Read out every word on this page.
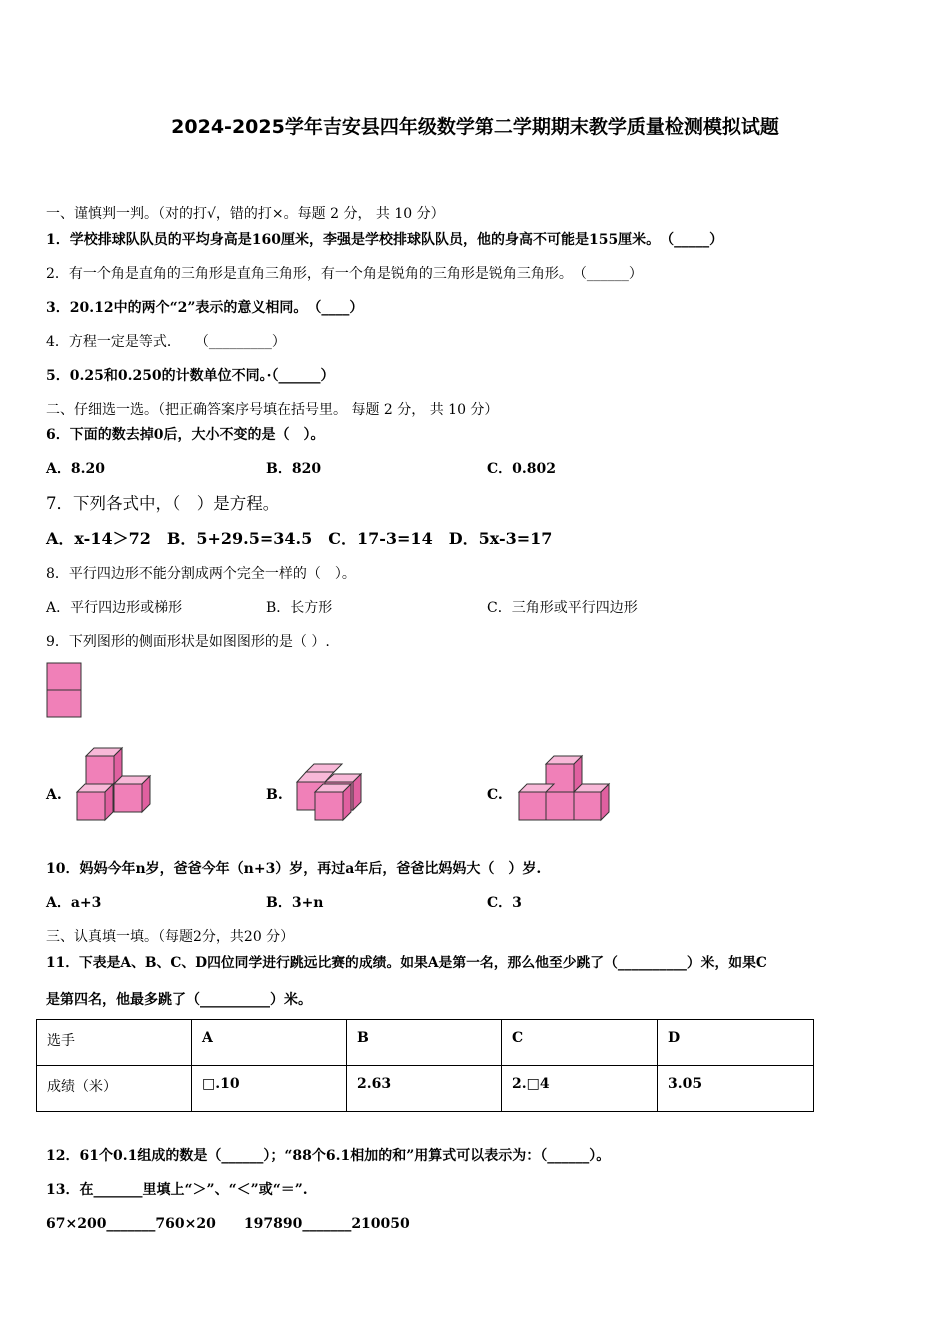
2024-2025学年吉安县四年级数学第二学期期末教学质量检测模拟试题
一、谨慎判一判。（对的打√，错的打×。每题 2 分， 共 10 分）
1．学校排球队队员的平均身高是160厘米，李强是学校排球队队员，他的身高不可能是155厘米。　（_____）
2．有一个角是直角的三角形是直角三角形，有一个角是锐角的三角形是锐角三角形。　（______）
3．20.12中的两个“2”表示的意义相同。　（____）
4．方程一定是等式．　　（_________）
5．0.25和0.250的计数单位不同。·（______）
二、仔细选一选。（把正确答案序号填在括号里。 每题 2 分， 共 10 分）
6．下面的数去掉0后，大小不变的是（　）。
A．8.20	B．820	C．0.802
7．下列各式中，（　）是方程。
A．x-14＞72　B．5+29.5=34.5　C．17-3=14　D．5x-3=17
8．平行四边形不能分割成两个完全一样的（　）。
A．平行四边形或梯形	B．长方形	C．三角形或平行四边形
9．下列图形的侧面形状是如图图形的是（ ）.
A.	B.	C.
10．妈妈今年n岁，爸爸今年（n+3）岁，再过a年后，爸爸比妈妈大（　）岁.
A．a+3	B．3+n	C．3
三、认真填一填。（每题2分，共20 分）
11．下表是A、B、C、D四位同学进行跳远比赛的成绩。如果A是第一名，那么他至少跳了（__________）米，如果C
是第四名，他最多跳了（__________）米。
选手	A	B	C	D
成绩（米）	□.10	2.63	2.□4	3.05
12．61个0.1组成的数是（______）；“88个6.1相加的和”用算式可以表示为：（______）。
13．在_______里填上“＞”、“＜”或“＝”.
67×200_______760×20　　197890_______210050
